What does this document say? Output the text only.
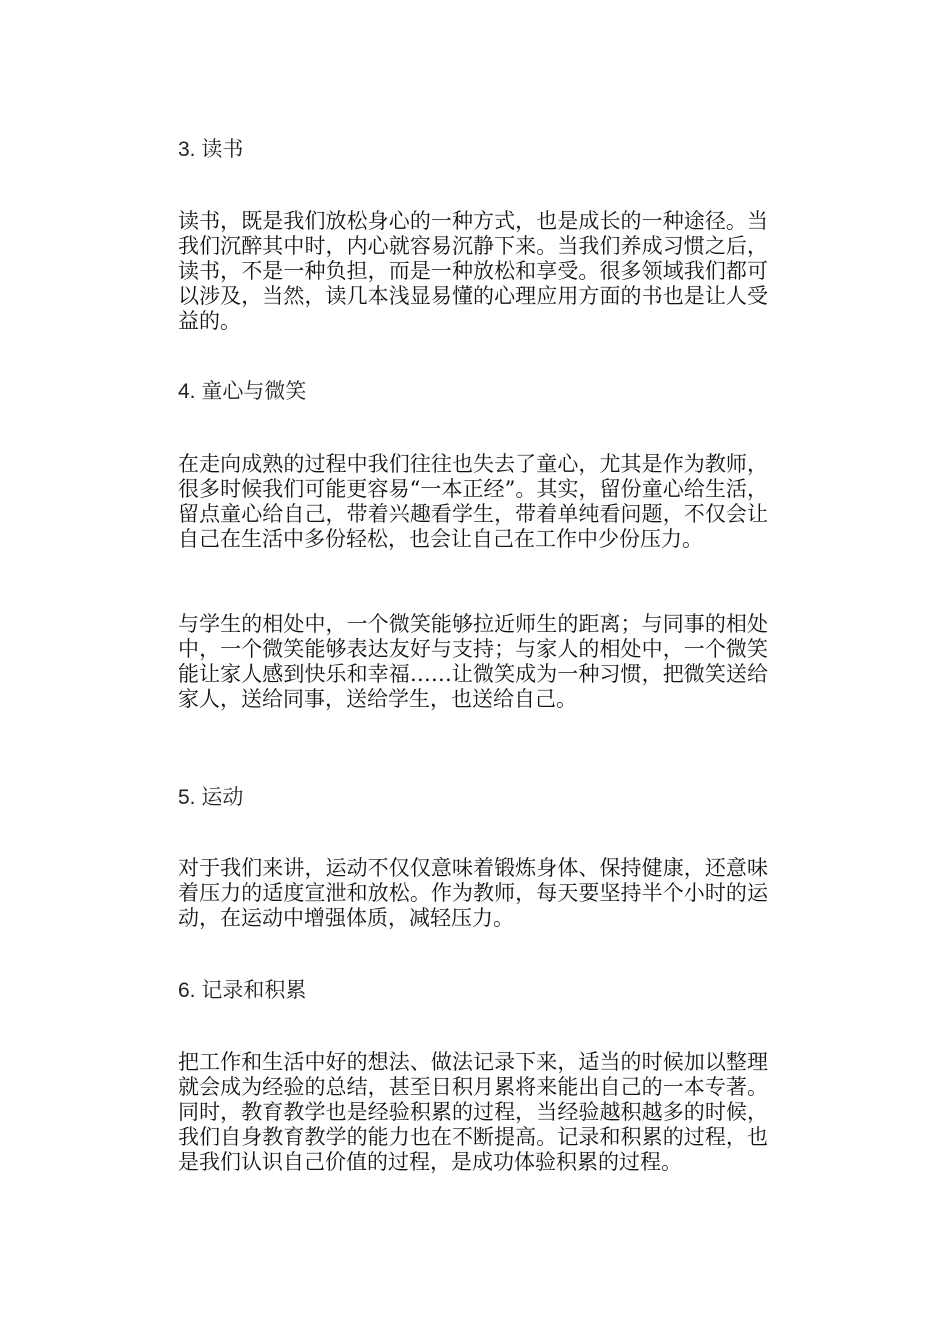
3. 读书
读书，既是我们放松身心的一种方式，也是成长的一种途径。当我们沉醉其中时，内心就容易沉静下来。当我们养成习惯之后，读书，不是一种负担，而是一种放松和享受。很多领域我们都可以涉及，当然，读几本浅显易懂的心理应用方面的书也是让人受益的。
4. 童心与微笑
在走向成熟的过程中我们往往也失去了童心，尤其是作为教师，很多时候我们可能更容易“一本正经”。其实，留份童心给生活，留点童心给自己，带着兴趣看学生，带着单纯看问题，不仅会让自己在生活中多份轻松，也会让自己在工作中少份压力。
与学生的相处中，一个微笑能够拉近师生的距离；与同事的相处中，一个微笑能够表达友好与支持；与家人的相处中，一个微笑能让家人感到快乐和幸福……让微笑成为一种习惯，把微笑送给家人，送给同事，送给学生，也送给自己。
5. 运动
对于我们来讲，运动不仅仅意味着锻炼身体、保持健康，还意味着压力的适度宣泄和放松。作为教师，每天要坚持半个小时的运动，在运动中增强体质，减轻压力。
6. 记录和积累
把工作和生活中好的想法、做法记录下来，适当的时候加以整理就会成为经验的总结，甚至日积月累将来能出自己的一本专著。同时，教育教学也是经验积累的过程，当经验越积越多的时候，我们自身教育教学的能力也在不断提高。记录和积累的过程，也是我们认识自己价值的过程，是成功体验积累的过程。
